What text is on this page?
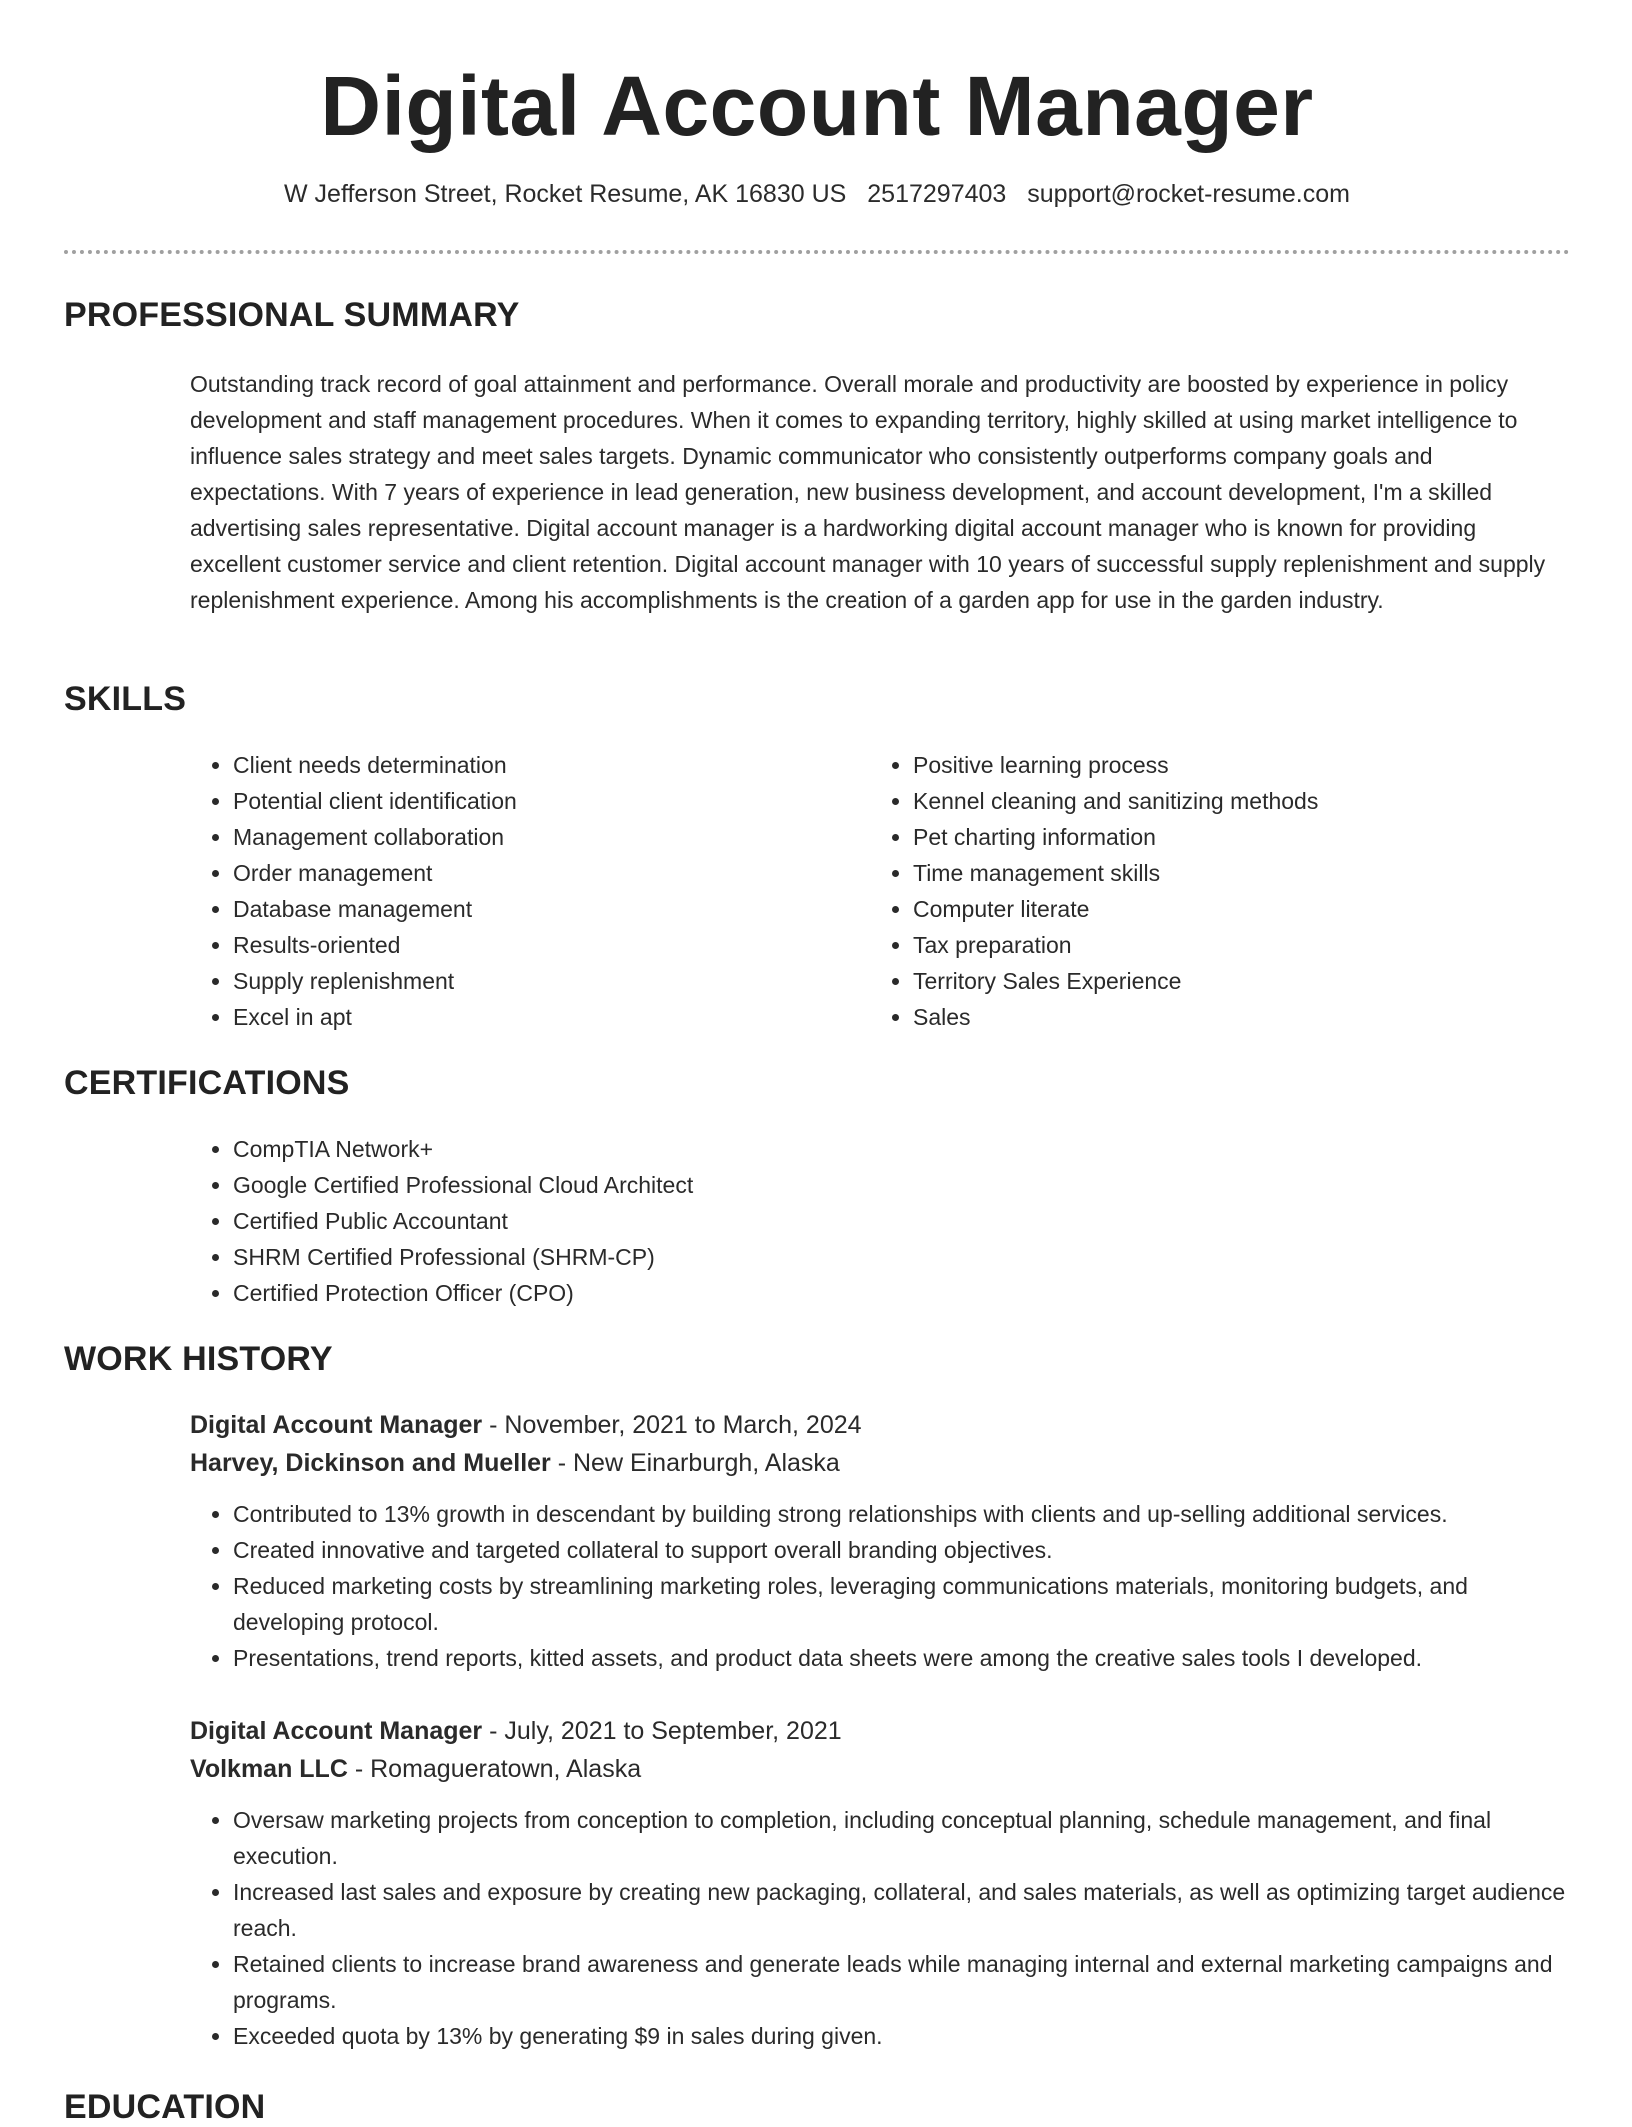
Digital Account Manager
W Jefferson Street, Rocket Resume, AK 16830 US 2517297403 support@rocket-resume.com
PROFESSIONAL SUMMARY
Outstanding track record of goal attainment and performance. Overall morale and productivity are boosted by experience in policy development and staff management procedures. When it comes to expanding territory, highly skilled at using market intelligence to influence sales strategy and meet sales targets. Dynamic communicator who consistently outperforms company goals and expectations. With 7 years of experience in lead generation, new business development, and account development, I'm a skilled advertising sales representative. Digital account manager is a hardworking digital account manager who is known for providing excellent customer service and client retention. Digital account manager with 10 years of successful supply replenishment and supply replenishment experience. Among his accomplishments is the creation of a garden app for use in the garden industry.
SKILLS
• Client needs determination
• Potential client identification
• Management collaboration
• Order management
• Database management
• Results-oriented
• Supply replenishment
• Excel in apt
• Positive learning process
• Kennel cleaning and sanitizing methods
• Pet charting information
• Time management skills
• Computer literate
• Tax preparation
• Territory Sales Experience
• Sales
CERTIFICATIONS
• CompTIA Network+
• Google Certified Professional Cloud Architect
• Certified Public Accountant
• SHRM Certified Professional (SHRM-CP)
• Certified Protection Officer (CPO)
WORK HISTORY
Digital Account Manager - November, 2021 to March, 2024
Harvey, Dickinson and Mueller - New Einarburgh, Alaska
• Contributed to 13% growth in descendant by building strong relationships with clients and up-selling additional services.
• Created innovative and targeted collateral to support overall branding objectives.
• Reduced marketing costs by streamlining marketing roles, leveraging communications materials, monitoring budgets, and developing protocol.
• Presentations, trend reports, kitted assets, and product data sheets were among the creative sales tools I developed.
Digital Account Manager - July, 2021 to September, 2021
Volkman LLC - Romagueratown, Alaska
• Oversaw marketing projects from conception to completion, including conceptual planning, schedule management, and final execution.
• Increased last sales and exposure by creating new packaging, collateral, and sales materials, as well as optimizing target audience reach.
• Retained clients to increase brand awareness and generate leads while managing internal and external marketing campaigns and programs.
• Exceeded quota by 13% by generating $9 in sales during given.
EDUCATION
